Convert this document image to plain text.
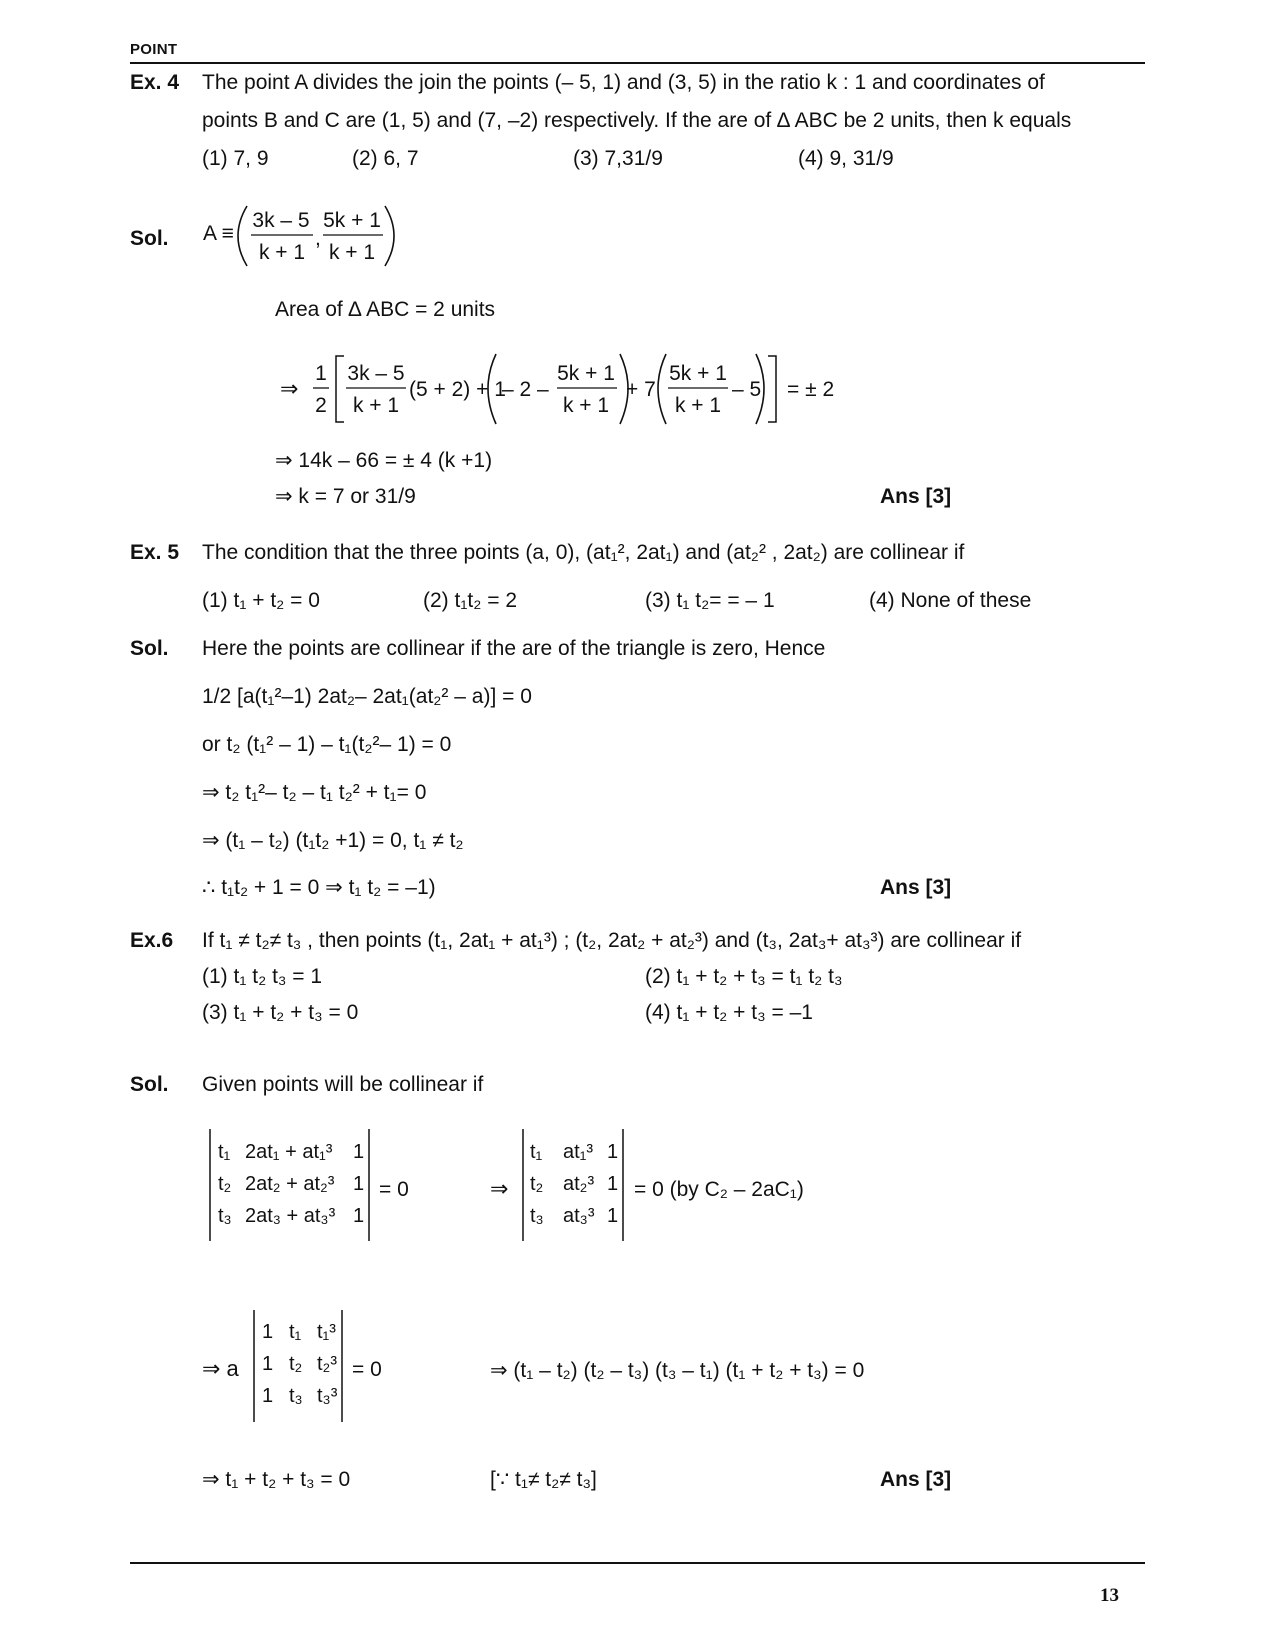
POINT
Ex. 4 The point A divides the join the points (– 5, 1) and (3, 5) in the ratio k : 1 and coordinates of
points B and C are (1, 5) and (7, –2) respectively. If the are of ∆ ABC be 2 units, then k equals
(1) 7, 9	(2) 6, 7	(3) 7,31/9	(4) 9, 31/9
Sol. A ≡
3k – 5
k + 1
,
5k + 1
k + 1
Area of ∆ ABC = 2 units
⇒
1
2
3k – 5
k + 1
(5 + 2) + 1
– 2 –
5k + 1
k + 1
+ 7
5k + 1
k + 1
– 5 = ± 2
⇒ 14k – 66 = ± 4 (k +1)
⇒ k = 7 or 31/9	Ans [3]
Ex. 5 The condition that the three points (a, 0), (at₁², 2at₁) and (at₂² , 2at₂) are collinear if
(1) t₁ + t₂ = 0	(2) t₁t₂ = 2	(3) t₁ t₂= = – 1	(4) None of these
Sol. Here the points are collinear if the are of the triangle is zero, Hence
1/2 [a(t₁²–1) 2at₂– 2at₁(at₂² – a)] = 0
or t₂ (t₁² – 1) – t₁(t₂²– 1) = 0
⇒ t₂ t₁²– t₂ – t₁ t₂² + t₁= 0
⇒ (t₁ – t₂) (t₁t₂ +1) = 0, t₁ ≠ t₂
∴ t₁t₂ + 1 = 0 ⇒ t₁ t₂ = –1)	Ans [3]
Ex.6 If t₁ ≠ t₂≠ t₃ , then points (t₁, 2at₁ + at₁³) ; (t₂, 2at₂ + at₂³) and (t₃, 2at₃+ at₃³) are collinear if
(1) t₁ t₂ t₃ = 1	(2) t₁ + t₂ + t₃ = t₁ t₂ t₃
(3) t₁ + t₂ + t₃ = 0	(4) t₁ + t₂ + t₃ = –1
Sol. Given points will be collinear if
t₁ 2at₁ + at₁³ 1
t₂ 2at₂ + at₂³ 1
t₃ 2at₃ + at₃³ 1
= 0	⇒
t₁ at₁³ 1
t₂ at₂³ 1
t₃ at₃³ 1
= 0 (by C₂ – 2aC₁)
⇒ a
1 t₁ t₁³
1 t₂ t₂³
1 t₃ t₃³
= 0	⇒ (t₁ – t₂) (t₂ – t₃) (t₃ – t₁) (t₁ + t₂ + t₃) = 0
⇒ t₁ + t₂ + t₃ = 0	[∵ t₁≠ t₂≠ t₃]	Ans [3]
13
